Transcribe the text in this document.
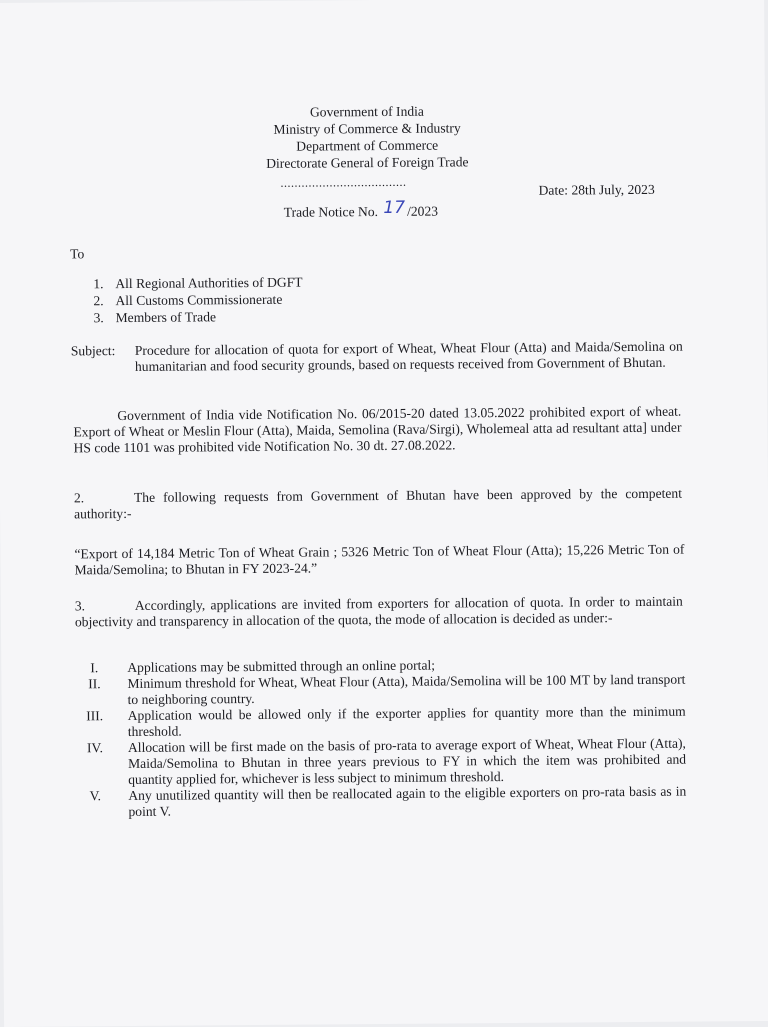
Government of India
Ministry of Commerce & Industry
Department of Commerce
Directorate General of Foreign Trade
....................................	Date: 28th July, 2023
Trade Notice No. 17 /2023
To
1. All Regional Authorities of DGFT
2. All Customs Commissionerate
3. Members of Trade
Subject: Procedure for allocation of quota for export of Wheat, Wheat Flour (Atta) and Maida/Semolina on humanitarian and food security grounds, based on requests received from Government of Bhutan.
Government of India vide Notification No. 06/2015-20 dated 13.05.2022 prohibited export of wheat. Export of Wheat or Meslin Flour (Atta), Maida, Semolina (Rava/Sirgi), Wholemeal atta ad resultant atta] under HS code 1101 was prohibited vide Notification No. 30 dt. 27.08.2022.
2.	The following requests from Government of Bhutan have been approved by the competent authority:-
“Export of 14,184 Metric Ton of Wheat Grain ; 5326 Metric Ton of Wheat Flour (Atta); 15,226 Metric Ton of Maida/Semolina; to Bhutan in FY 2023-24.”
3.	Accordingly, applications are invited from exporters for allocation of quota. In order to maintain objectivity and transparency in allocation of the quota, the mode of allocation is decided as under:-
I.	Applications may be submitted through an online portal;
II.	Minimum threshold for Wheat, Wheat Flour (Atta), Maida/Semolina will be 100 MT by land transport to neighboring country.
III.	Application would be allowed only if the exporter applies for quantity more than the minimum threshold.
IV.	Allocation will be first made on the basis of pro-rata to average export of Wheat, Wheat Flour (Atta), Maida/Semolina to Bhutan in three years previous to FY in which the item was prohibited and quantity applied for, whichever is less subject to minimum threshold.
V.	Any unutilized quantity will then be reallocated again to the eligible exporters on pro-rata basis as in point V.
